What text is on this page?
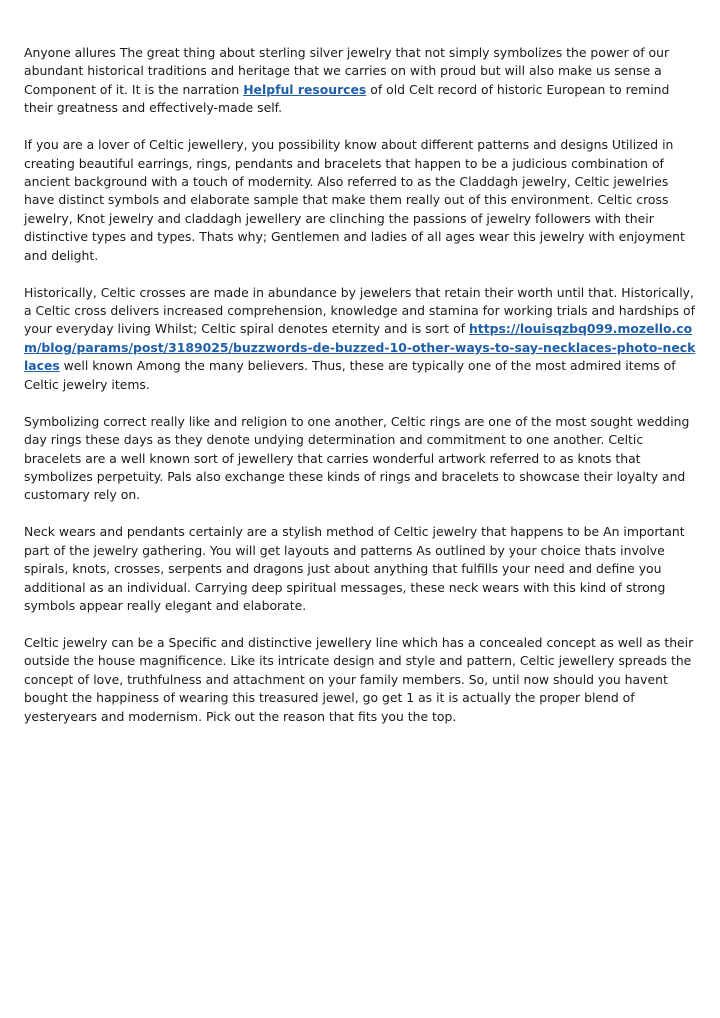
Anyone allures The great thing about sterling silver jewelry that not simply symbolizes the power of our abundant historical traditions and heritage that we carries on with proud but will also make us sense a Component of it. It is the narration Helpful resources of old Celt record of historic European to remind their greatness and effectively-made self.

If you are a lover of Celtic jewellery, you possibility know about different patterns and designs Utilized in creating beautiful earrings, rings, pendants and bracelets that happen to be a judicious combination of ancient background with a touch of modernity. Also referred to as the Claddagh jewelry, Celtic jewelries have distinct symbols and elaborate sample that make them really out of this environment. Celtic cross jewelry, Knot jewelry and claddagh jewellery are clinching the passions of jewelry followers with their distinctive types and types. Thats why; Gentlemen and ladies of all ages wear this jewelry with enjoyment and delight.

Historically, Celtic crosses are made in abundance by jewelers that retain their worth until that. Historically, a Celtic cross delivers increased comprehension, knowledge and stamina for working trials and hardships of your everyday living Whilst; Celtic spiral denotes eternity and is sort of https://louisqzbq099.mozello.com/blog/params/post/3189025/buzzwords-de-buzzed-10-other-ways-to-say-necklaces-photo-necklaces well known Among the many believers. Thus, these are typically one of the most admired items of Celtic jewelry items.

Symbolizing correct really like and religion to one another, Celtic rings are one of the most sought wedding day rings these days as they denote undying determination and commitment to one another. Celtic bracelets are a well known sort of jewellery that carries wonderful artwork referred to as knots that symbolizes perpetuity. Pals also exchange these kinds of rings and bracelets to showcase their loyalty and customary rely on.

Neck wears and pendants certainly are a stylish method of Celtic jewelry that happens to be An important part of the jewelry gathering. You will get layouts and patterns As outlined by your choice thats involve spirals, knots, crosses, serpents and dragons just about anything that fulfills your need and define you additional as an individual. Carrying deep spiritual messages, these neck wears with this kind of strong symbols appear really elegant and elaborate.

Celtic jewelry can be a Specific and distinctive jewellery line which has a concealed concept as well as their outside the house magnificence. Like its intricate design and style and pattern, Celtic jewellery spreads the concept of love, truthfulness and attachment on your family members. So, until now should you havent bought the happiness of wearing this treasured jewel, go get 1 as it is actually the proper blend of yesteryears and modernism. Pick out the reason that fits you the top.
